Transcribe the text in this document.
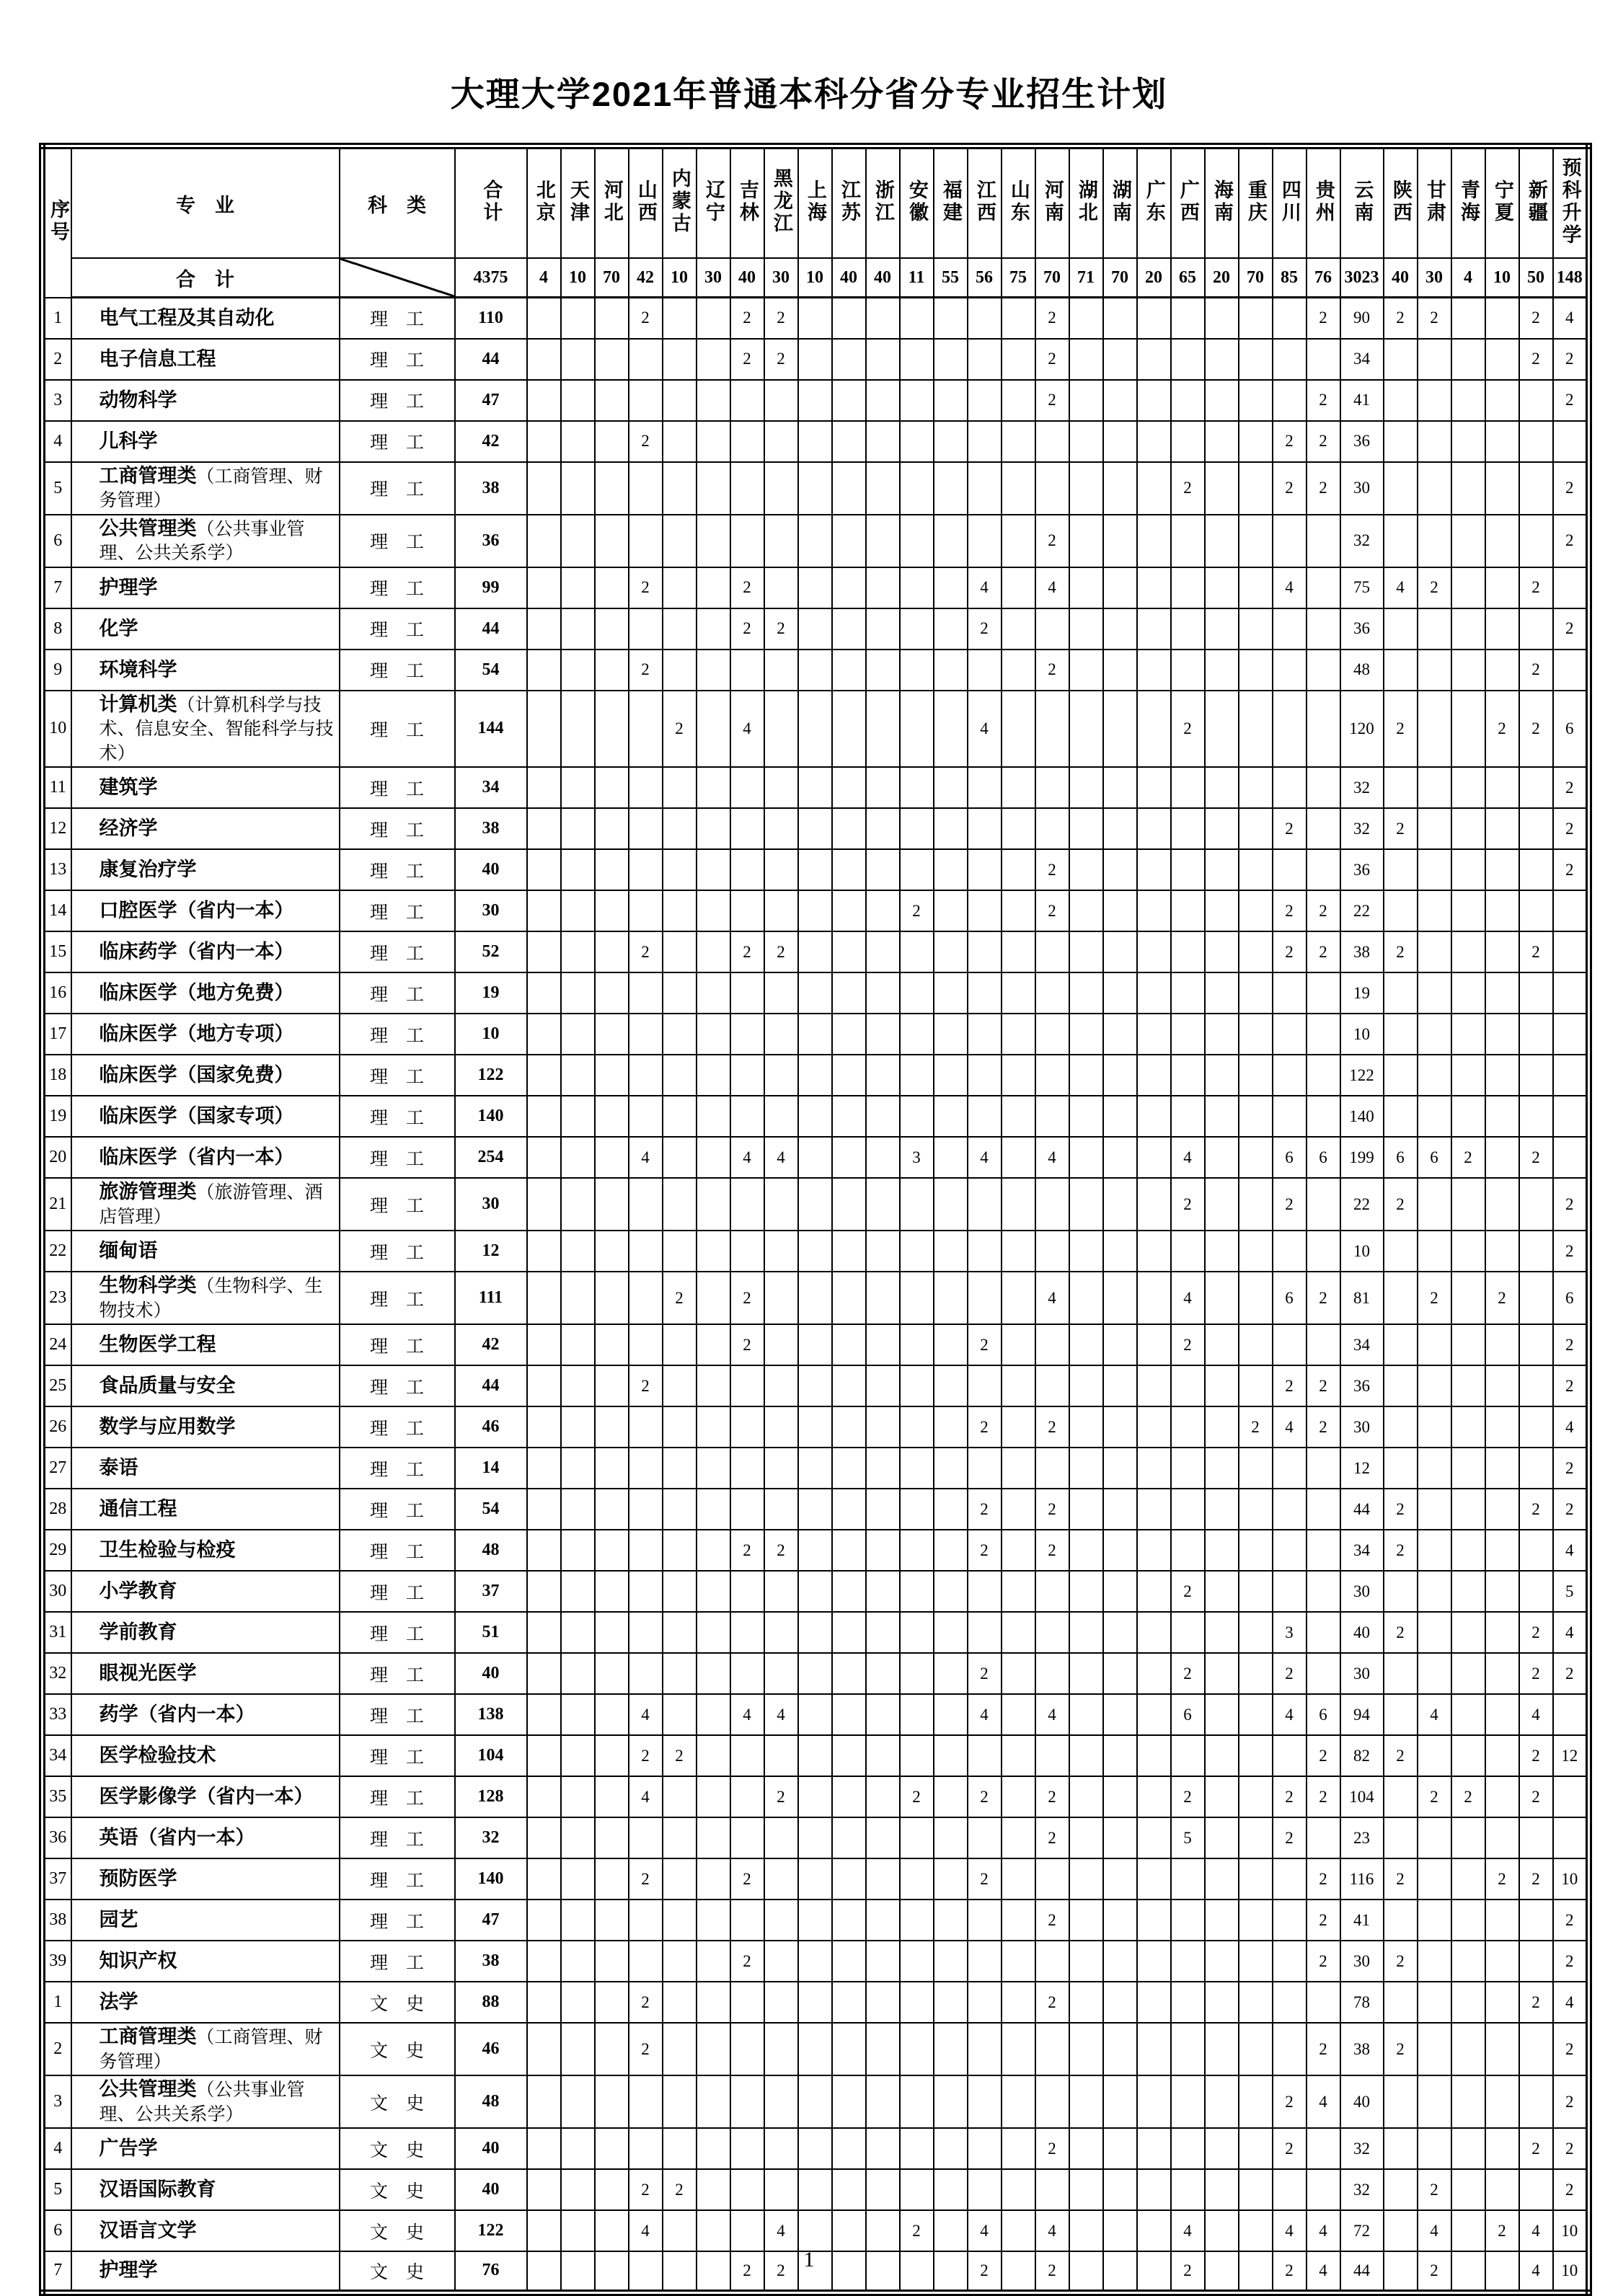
大理大学2021年普通本科分省分专业招生计划
序号	专　业	科　类	合计	北京	天津	河北	山西	内蒙古	辽宁	吉林	黑龙江	上海	江苏	浙江	安徽	福建	江西	山东	河南	湖北	湖南	广东	广西	海南	重庆	四川	贵州	云南	陕西	甘肃	青海	宁夏	新疆	预科升学
	合　计		4375	4	10	70	42	10	30	40	30	10	40	40	11	55	56	75	70	71	70	20	65	20	70	85	76	3023	40	30	4	10	50	148
1	电气工程及其自动化	理　工	110				2			2	2								2								2	90	2	2			2	4
2	电子信息工程	理　工	44							2	2								2									34					2	2
3	动物科学	理　工	47																2								2	41						2
4	儿科学	理　工	42				2																			2	2	36						
5	工商管理类（工商管理、财务管理）	理　工	38																				2			2	2	30						2
6	公共管理类（公共事业管理、公共关系学）	理　工	36																2									32						2
7	护理学	理　工	99				2			2							4		4							4		75	4	2			2	
8	化学	理　工	44							2	2						2											36						2
9	环境科学	理　工	54				2												2									48					2	
10	计算机类（计算机科学与技术、信息安全、智能科学与技术）	理　工	144					2		4							4						2					120	2			2	2	6
11	建筑学	理　工	34																									32						2
12	经济学	理　工	38																							2		32	2					2
13	康复治疗学	理　工	40																2									36						2
14	口腔医学（省内一本）	理　工	30												2				2							2	2	22						
15	临床药学（省内一本）	理　工	52				2			2	2															2	2	38	2				2	
16	临床医学（地方免费）	理　工	19																									19						
17	临床医学（地方专项）	理　工	10																									10						
18	临床医学（国家免费）	理　工	122																									122						
19	临床医学（国家专项）	理　工	140																									140						
20	临床医学（省内一本）	理　工	254				4			4	4				3		4		4				4			6	6	199	6	6	2		2	
21	旅游管理类（旅游管理、酒店管理）	理　工	30																				2			2		22	2					2
22	缅甸语	理　工	12																									10						2
23	生物科学类（生物科学、生物技术）	理　工	111					2		2									4				4			6	2	81		2		2		6
24	生物医学工程	理　工	42							2							2						2					34						2
25	食品质量与安全	理　工	44				2																			2	2	36						2
26	数学与应用数学	理　工	46														2		2						2	4	2	30						4
27	泰语	理　工	14																									12						2
28	通信工程	理　工	54														2		2									44	2				2	2
29	卫生检验与检疫	理　工	48							2	2						2		2									34	2					4
30	小学教育	理　工	37																				2					30						5
31	学前教育	理　工	51																							3		40	2				2	4
32	眼视光医学	理　工	40														2						2			2		30					2	2
33	药学（省内一本）	理　工	138				4			4	4						4		4				6			4	6	94		4			4	
34	医学检验技术	理　工	104				2	2																			2	82	2				2	12
35	医学影像学（省内一本）	理　工	128				4				2				2		2		2				2			2	2	104		2	2		2	
36	英语（省内一本）	理　工	32																2				5			2		23						
37	预防医学	理　工	140				2			2							2										2	116	2			2	2	10
38	园艺	理　工	47																2								2	41						2
39	知识产权	理　工	38							2																	2	30	2					2
1	法学	文　史	88				2												2									78					2	4
2	工商管理类（工商管理、财务管理）	文　史	46				2																				2	38	2					2
3	公共管理类（公共事业管理、公共关系学）	文　史	48																							2	4	40						2
4	广告学	文　史	40																2							2		32					2	2
5	汉语国际教育	文　史	40				2	2																				32		2				2
6	汉语言文学	文　史	122				4				4				2		4		4				4			4	4	72		4		2	4	10
7	护理学	文　史	76							2	2						2		2				2			2	4	44		2			4	10
1
